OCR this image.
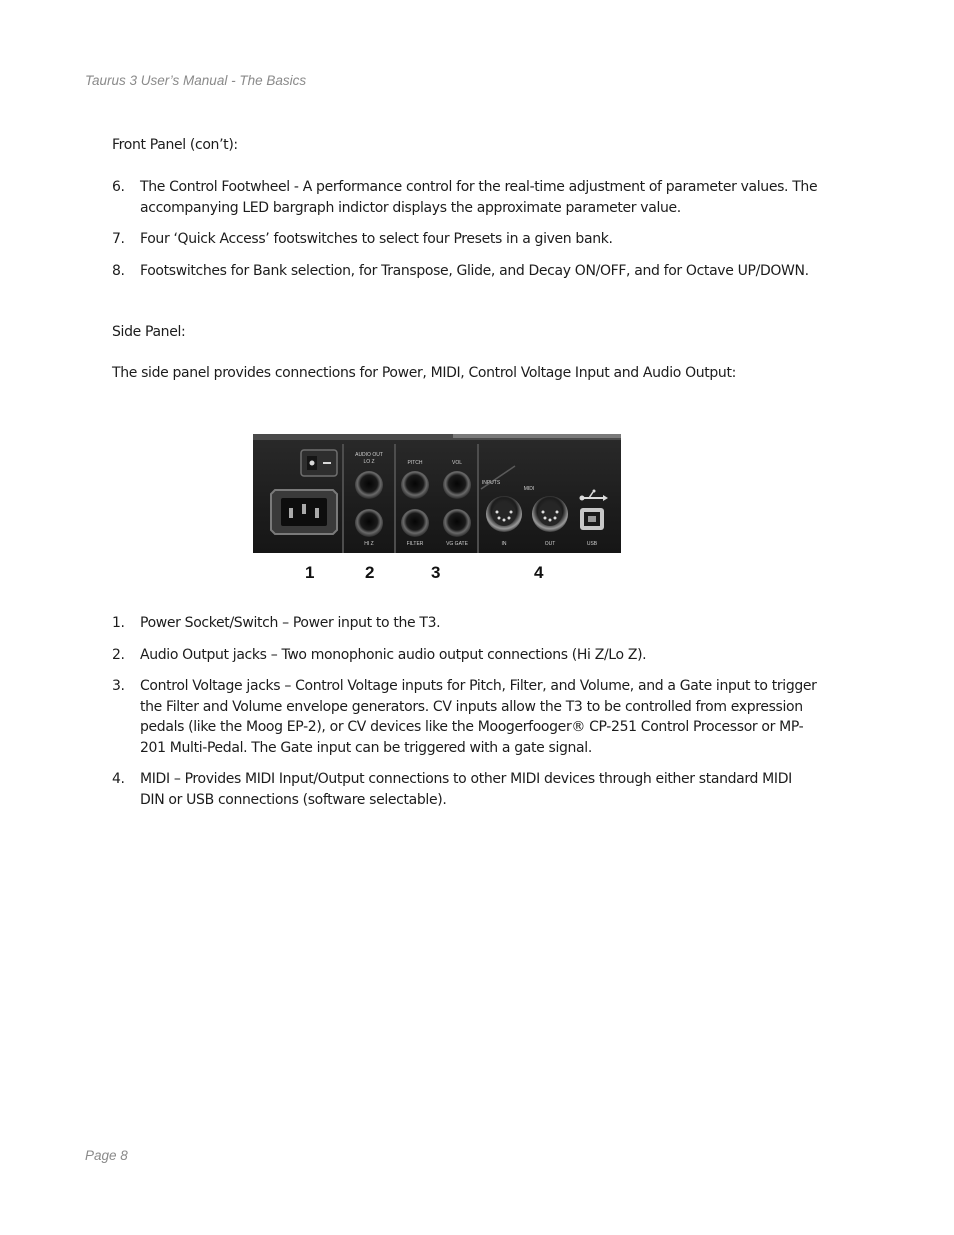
Taurus 3 User’s Manual - The Basics
Front Panel (con’t):
6. The Control Footwheel - A performance control for the real-time adjustment of parameter values. The accompanying LED bargraph indictor displays the approximate parameter value.
7. Four ‘Quick Access’ footswitches to select four Presets in a given bank.
8. Footswitches for Bank selection, for Transpose, Glide, and Decay ON/OFF, and for Octave UP/DOWN.
Side Panel:
The side panel provides connections for Power, MIDI, Control Voltage Input and Audio Output:
AUDIO OUT
LO Z
HI Z
PITCH	VOL
FILTER	VG GATE
INPUTS
MIDI
IN	OUT	USB
1	2	3	4
1. Power Socket/Switch – Power input to the T3.
2. Audio Output jacks – Two monophonic audio output connections (Hi Z/Lo Z).
3. Control Voltage jacks – Control Voltage inputs for Pitch, Filter, and Volume, and a Gate input to trigger the Filter and Volume envelope generators. CV inputs allow the T3 to be controlled from expression pedals (like the Moog EP-2), or CV devices like the Moogerfooger® CP-251 Control Processor or MP-201 Multi-Pedal. The Gate input can be triggered with a gate signal.
4. MIDI – Provides MIDI Input/Output connections to other MIDI devices through either standard MIDI DIN or USB connections (software selectable).
Page 8
